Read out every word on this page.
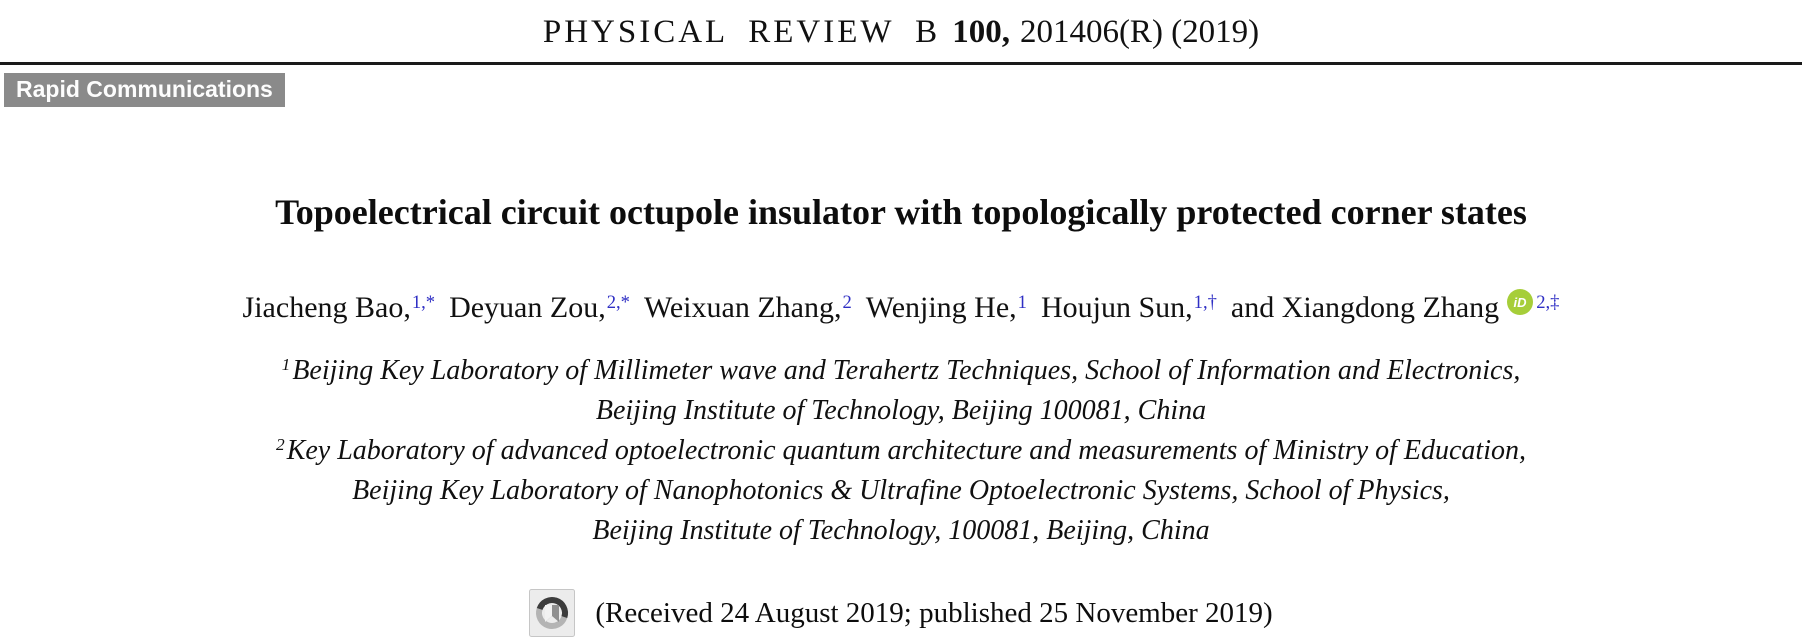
PHYSICAL REVIEW B 100, 201406(R) (2019)
Rapid Communications
Topoelectrical circuit octupole insulator with topologically protected corner states
Jiacheng Bao,$^{1,*}$ Deyuan Zou,$^{2,*}$ Weixuan Zhang,$^2$ Wenjing He,$^1$ Houjun Sun,$^{1,\dagger}$ and Xiangdong Zhang iD $^{2,\ddagger}$
$^1$Beijing Key Laboratory of Millimeter wave and Terahertz Techniques, School of Information and Electronics,
Beijing Institute of Technology, Beijing 100081, China
$^2$Key Laboratory of advanced optoelectronic quantum architecture and measurements of Ministry of Education,
Beijing Key Laboratory of Nanophotonics & Ultrafine Optoelectronic Systems, School of Physics,
Beijing Institute of Technology, 100081, Beijing, China
(Received 24 August 2019; published 25 November 2019)
